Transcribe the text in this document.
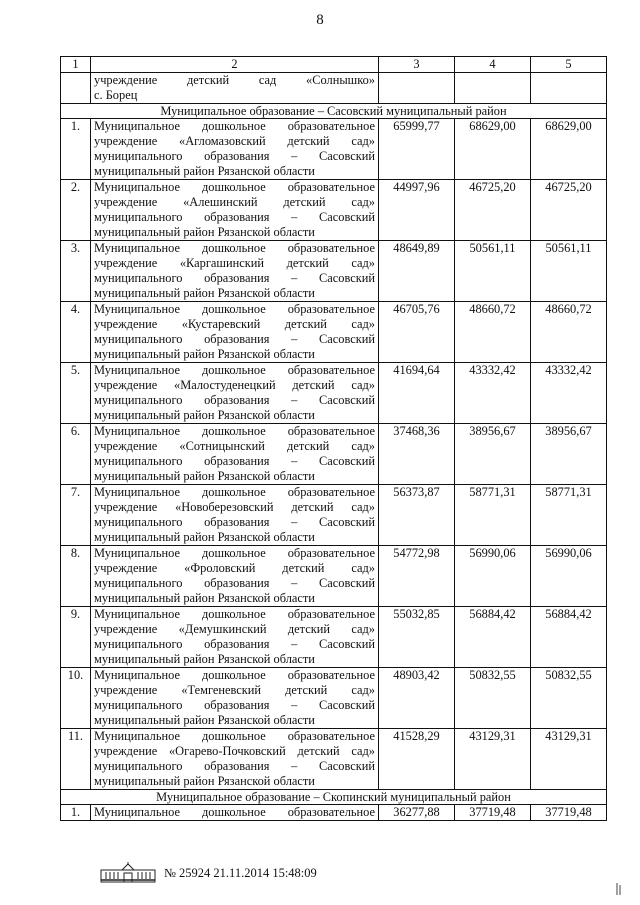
8
1	2	3	4	5

	учреждение детский сад «Солнышко»
с. Борец			

Муниципальное образование – Сасовский муниципальный район				
1.	Муниципальное дошкольное образовательное
учреждение «Агломазовский детский сад»
муниципального образования – Сасовский
муниципальный район Рязанской области	65999,77	68629,00	68629,00
2.	Муниципальное дошкольное образовательное
учреждение «Алешинский детский сад»
муниципального образования – Сасовский
муниципальный район Рязанской области	44997,96	46725,20	46725,20
3.	Муниципальное дошкольное образовательное
учреждение «Каргашинский детский сад»
муниципального образования – Сасовский
муниципальный район Рязанской области	48649,89	50561,11	50561,11
4.	Муниципальное дошкольное образовательное
учреждение «Кустаревский детский сад»
муниципального образования – Сасовский
муниципальный район Рязанской области	46705,76	48660,72	48660,72
5.	Муниципальное дошкольное образовательное
учреждение «Малостуденецкий детский сад»
муниципального образования – Сасовский
муниципальный район Рязанской области	41694,64	43332,42	43332,42
6.	Муниципальное дошкольное образовательное
учреждение «Сотницынский детский сад»
муниципального образования – Сасовский
муниципальный район Рязанской области	37468,36	38956,67	38956,67
7.	Муниципальное дошкольное образовательное
учреждение «Новоберезовский детский сад»
муниципального образования – Сасовский
муниципальный район Рязанской области	56373,87	58771,31	58771,31
8.	Муниципальное дошкольное образовательное
учреждение «Фроловский детский сад»
муниципального образования – Сасовский
муниципальный район Рязанской области	54772,98	56990,06	56990,06
9.	Муниципальное дошкольное образовательное
учреждение «Демушкинский детский сад»
муниципального образования – Сасовский
муниципальный район Рязанской области	55032,85	56884,42	56884,42
10.	Муниципальное дошкольное образовательное
учреждение «Темгеневский детский сад»
муниципального образования – Сасовский
муниципальный район Рязанской области	48903,42	50832,55	50832,55
11.	Муниципальное дошкольное образовательное
учреждение «Огарево-Почковский детский сад»
муниципального образования – Сасовский
муниципальный район Рязанской области	41528,29	43129,31	43129,31
Муниципальное образование – Скопинский муниципальный район				
1.	Муниципальное дошкольное образовательное	36277,88	37719,48	37719,48
№ 25924 21.11.2014 15:48:09
